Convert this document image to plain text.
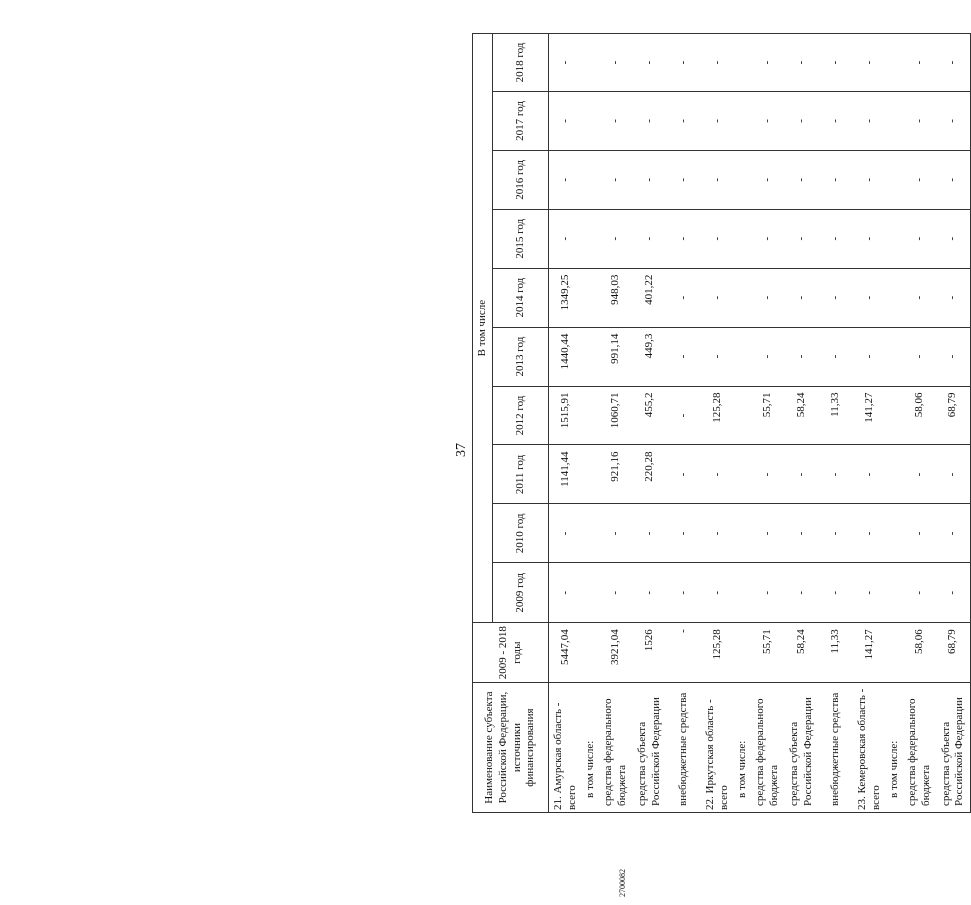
37
2700082
Наименование субъекта Российской Федерации, источники финансирования	2009 - 2018 годы	В том числе									
		2009 год	2010 год	2011 год	2012 год	2013 год	2014 год	2015 год	2016 год	2017 год	2018 год
21. Амурская область - всего	5447,04	-	-	1141,44	1515,91	1440,44	1349,25	-	-	-	-
в том числе:											
средства федерального бюджета	3921,04	-	-	921,16	1060,71	991,14	948,03	-	-	-	-
средства субъекта Российской Федерации	1526	-	-	220,28	455,2	449,3	401,22	-	-	-	-
внебюджетные средства	-	-	-	-	-	-	-	-	-	-	-
22. Иркутская область - всего	125,28	-	-	-	125,28	-	-	-	-	-	-
в том числе:											
средства федерального бюджета	55,71	-	-	-	55,71	-	-	-	-	-	-
средства субъекта Российской Федерации	58,24	-	-	-	58,24	-	-	-	-	-	-
внебюджетные средства	11,33	-	-	-	11,33	-	-	-	-	-	-
23. Кемеровская область - всего	141,27	-	-	-	141,27	-	-	-	-	-	-
в том числе:											
средства федерального бюджета	58,06	-	-	-	58,06	-	-	-	-	-	-
средства субъекта Российской Федерации	68,79	-	-	-	68,79	-	-	-	-	-	-
